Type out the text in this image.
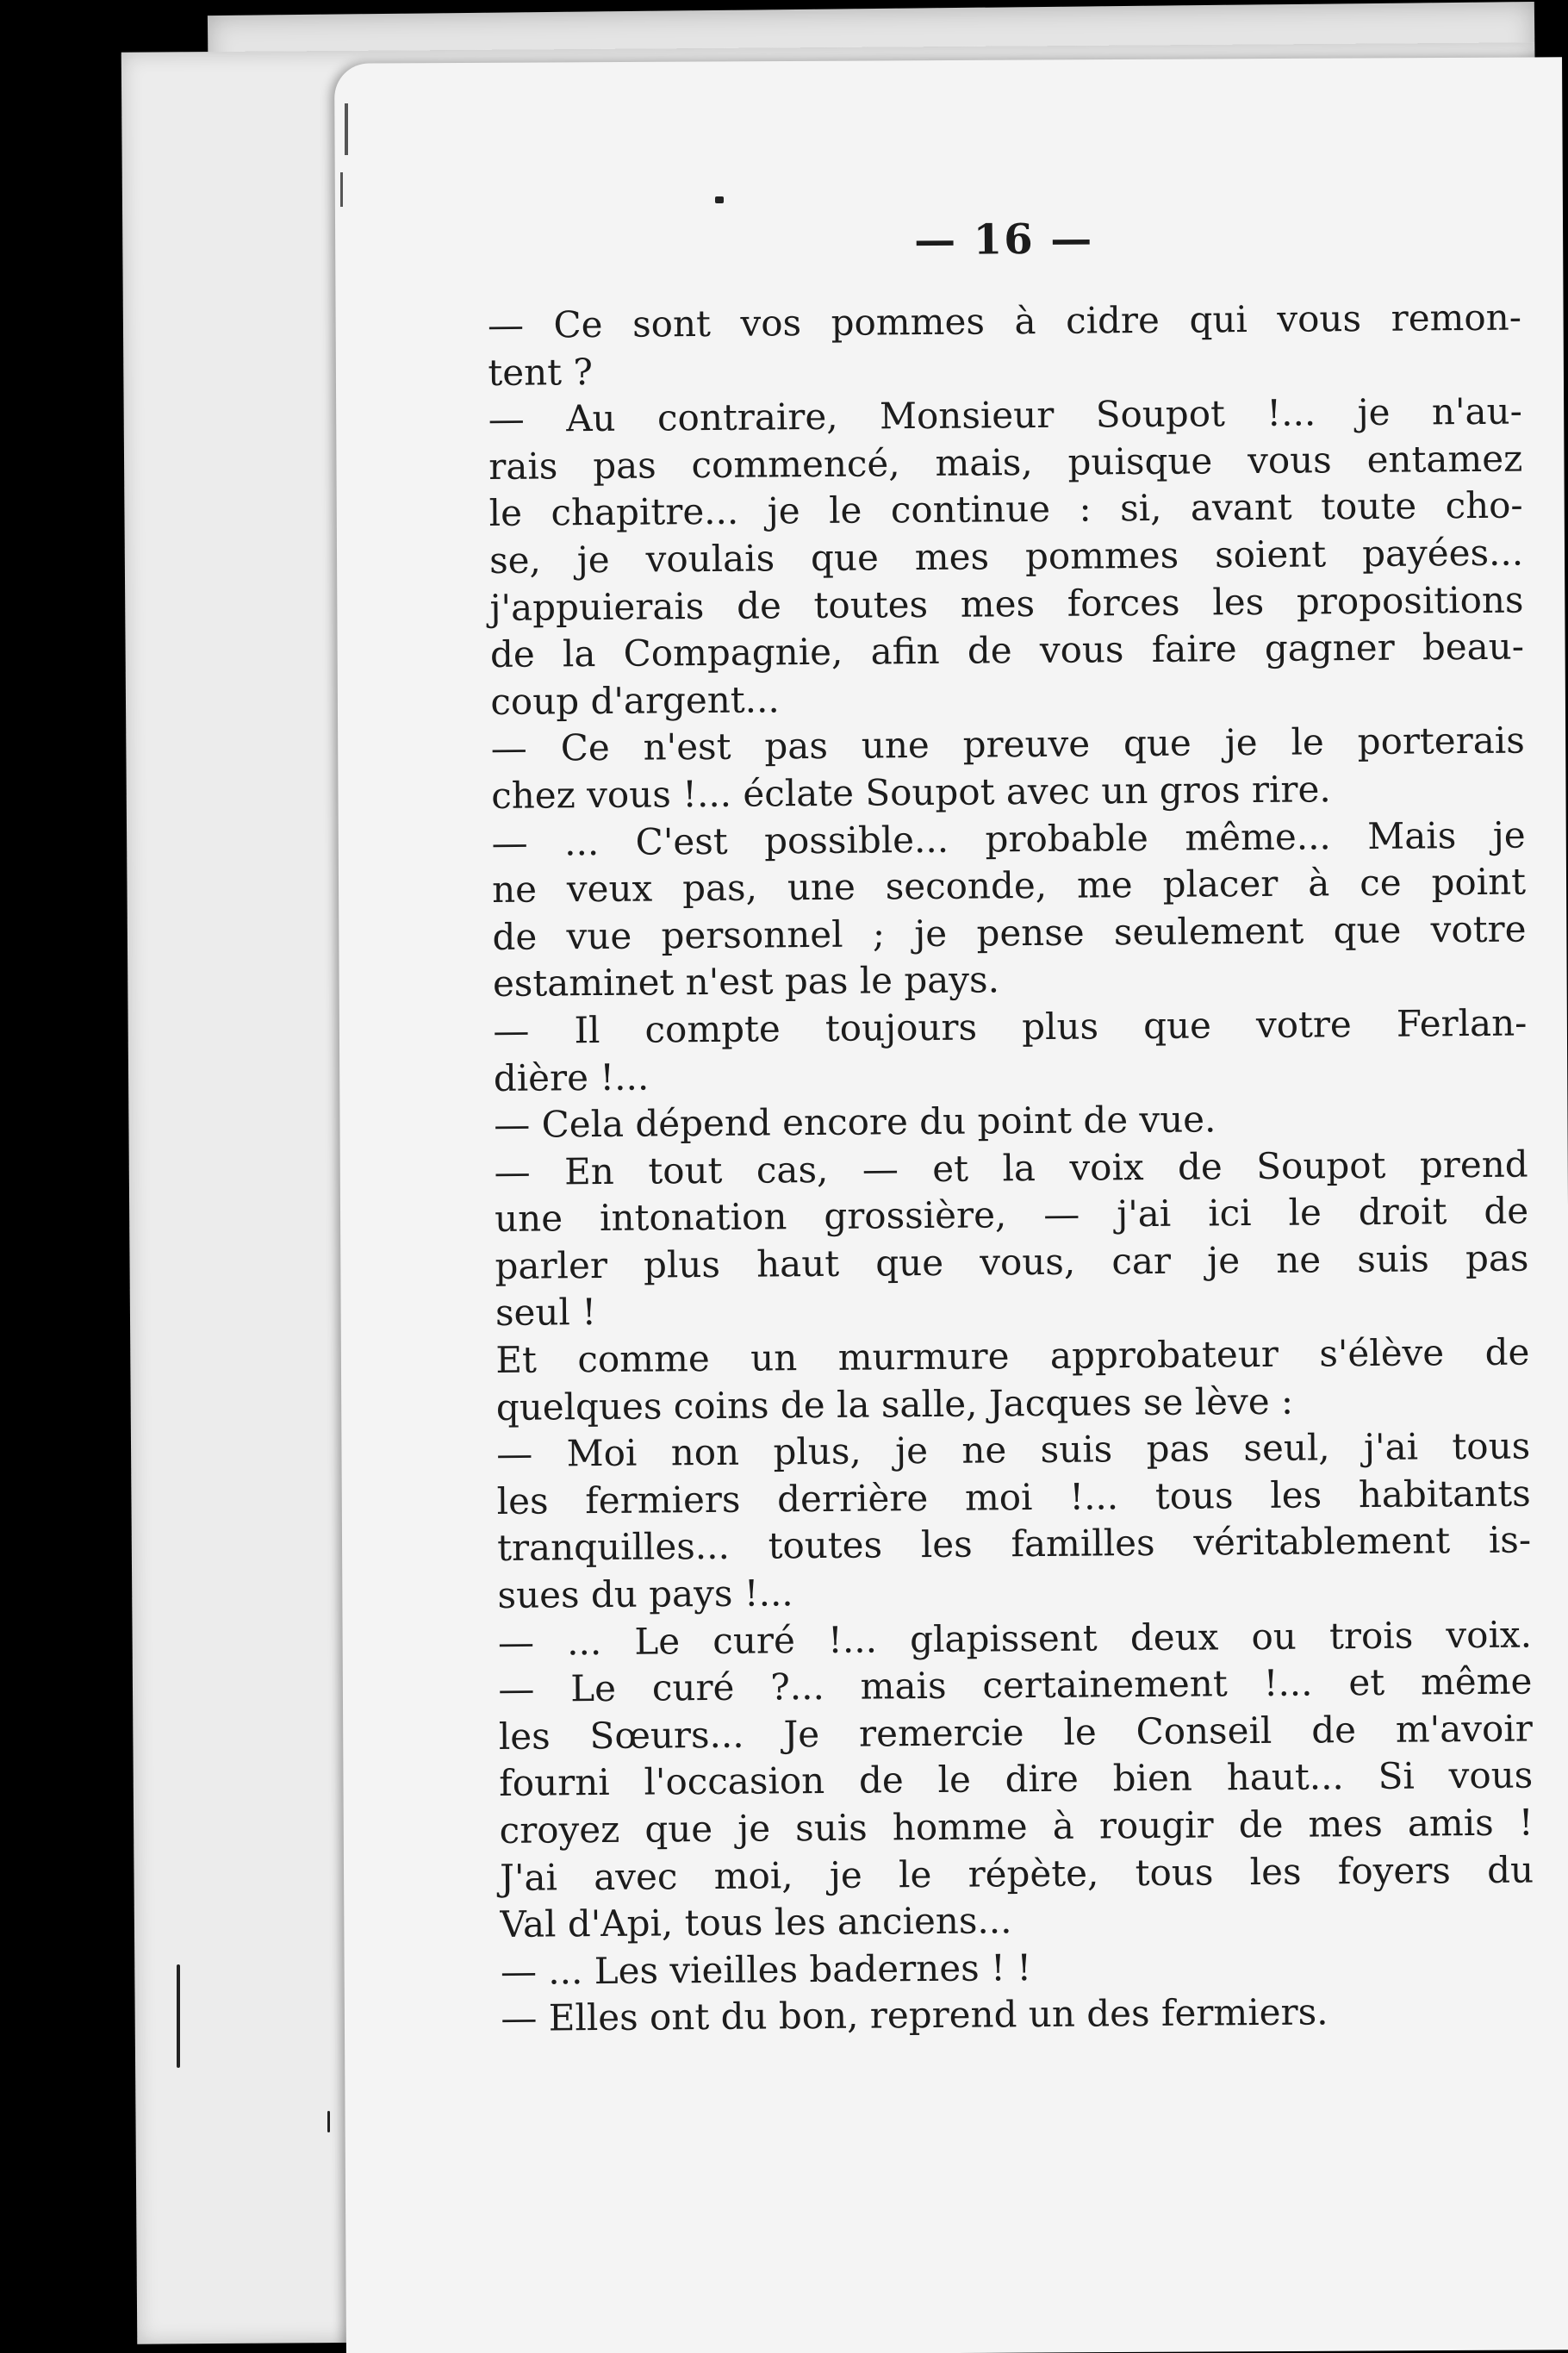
— 16 —
— Ce sont vos pommes à cidre qui vous remon-
tent ?
— Au contraire, Monsieur Soupot !... je n'au-
rais pas commencé, mais, puisque vous entamez
le chapitre... je le continue : si, avant toute cho-
se, je voulais que mes pommes soient payées...
j'appuierais de toutes mes forces les propositions
de la Compagnie, afin de vous faire gagner beau-
coup d'argent...
— Ce n'est pas une preuve que je le porterais
chez vous !... éclate Soupot avec un gros rire.
— ... C'est possible... probable même... Mais je
ne veux pas, une seconde, me placer à ce point
de vue personnel ; je pense seulement que votre
estaminet n'est pas le pays.
— Il compte toujours plus que votre Ferlan-
dière !...
— Cela dépend encore du point de vue.
— En tout cas, — et la voix de Soupot prend
une intonation grossière, — j'ai ici le droit de
parler plus haut que vous, car je ne suis pas
seul !
Et comme un murmure approbateur s'élève de
quelques coins de la salle, Jacques se lève :
— Moi non plus, je ne suis pas seul, j'ai tous
les fermiers derrière moi !... tous les habitants
tranquilles... toutes les familles véritablement is-
sues du pays !...
— ... Le curé !... glapissent deux ou trois voix.
— Le curé ?... mais certainement !... et même
les Sœurs... Je remercie le Conseil de m'avoir
fourni l'occasion de le dire bien haut... Si vous
croyez que je suis homme à rougir de mes amis !
J'ai avec moi, je le répète, tous les foyers du
Val d'Api, tous les anciens...
— ... Les vieilles badernes ! !
— Elles ont du bon, reprend un des fermiers.
